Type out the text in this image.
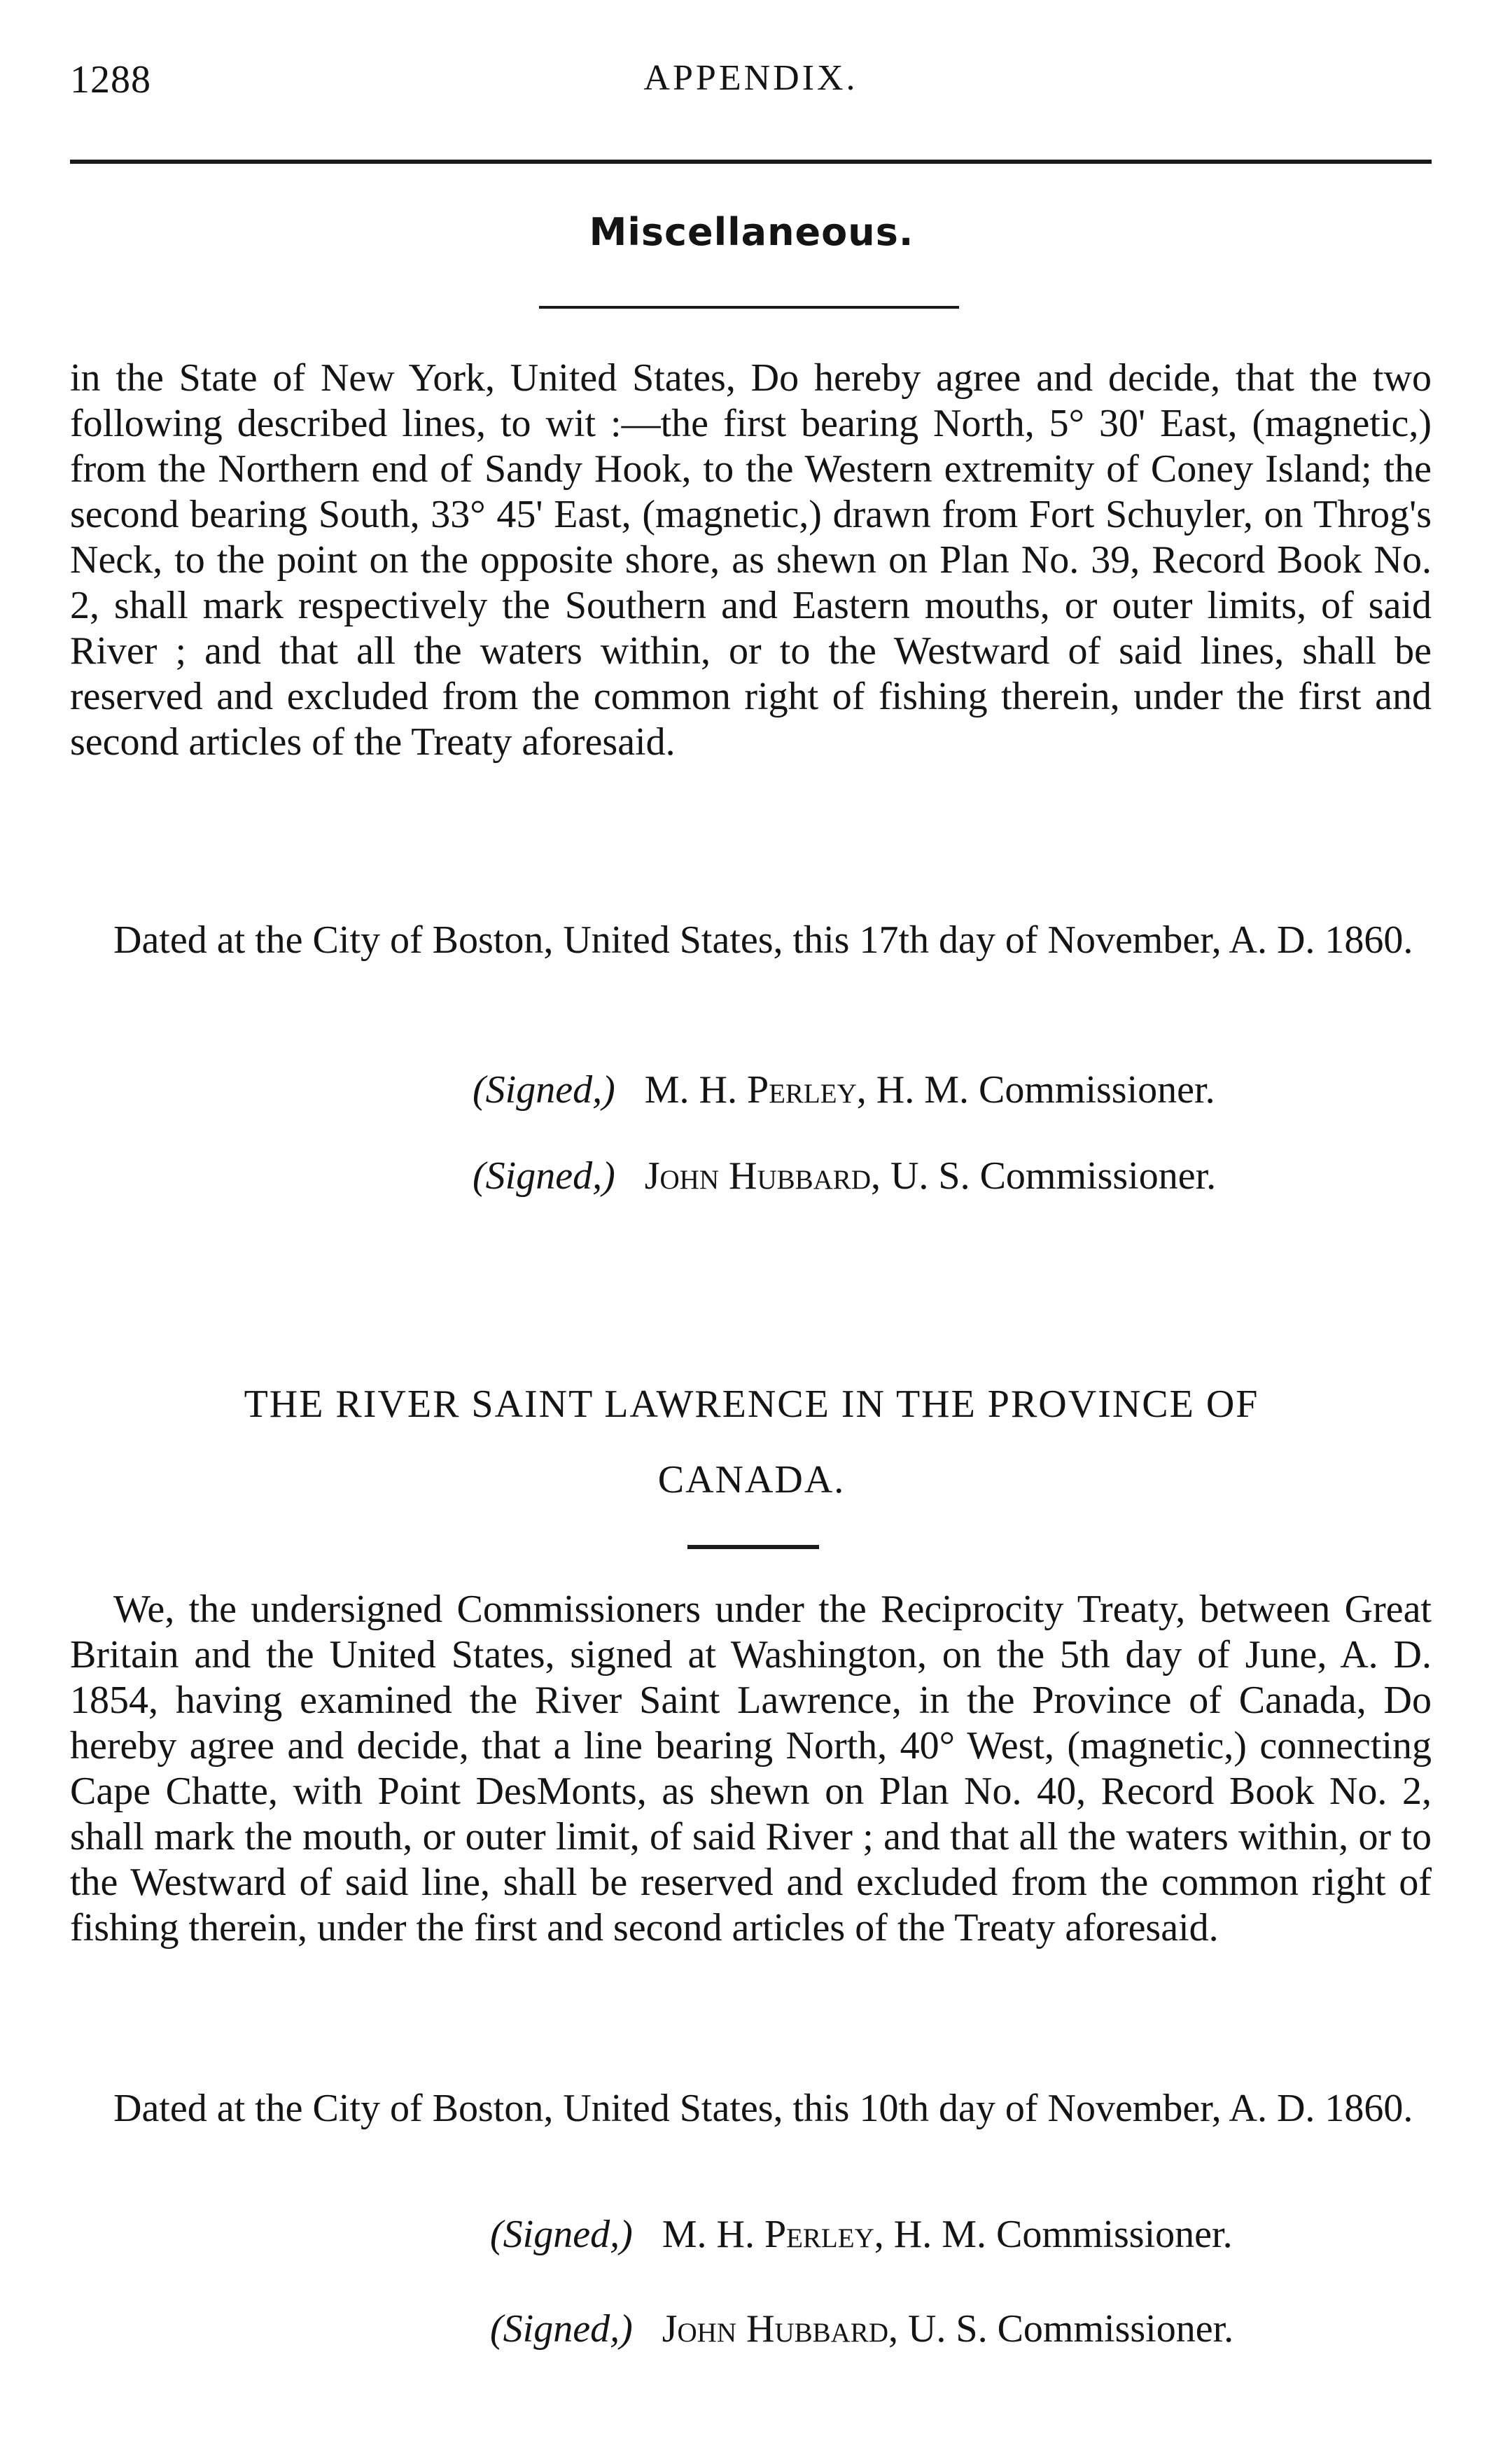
1288	APPENDIX.
Miscellaneous.

in the State of New York, United States, Do hereby agree and decide, that the two following described lines, to wit :—the first bearing North, 5° 30' East, (magnetic,) from the Northern end of Sandy Hook, to the Western extremity of Coney Island; the second bearing South, 33° 45' East, (magnetic,) drawn from Fort Schuyler, on Throg's Neck, to the point on the opposite shore, as shewn on Plan No. 39, Record Book No. 2, shall mark respectively the Southern and Eastern mouths, or outer limits, of said River ; and that all the waters within, or to the Westward of said lines, shall be reserved and excluded from the common right of fishing therein, under the first and second articles of the Treaty aforesaid.

Dated at the City of Boston, United States, this 17th day of November, A. D. 1860.

(Signed,) M. H. Perley, H. M. Commissioner.
(Signed,) John Hubbard, U. S. Commissioner.
THE RIVER SAINT LAWRENCE IN THE PROVINCE OF
CANADA.

We, the undersigned Commissioners under the Reciprocity Treaty, between Great Britain and the United States, signed at Washington, on the 5th day of June, A. D. 1854, having examined the River Saint Lawrence, in the Province of Canada, Do hereby agree and decide, that a line bearing North, 40° West, (magnetic,) connecting Cape Chatte, with Point DesMonts, as shewn on Plan No. 40, Record Book No. 2, shall mark the mouth, or outer limit, of said River ; and that all the waters within, or to the Westward of said line, shall be reserved and excluded from the common right of fishing therein, under the first and second articles of the Treaty aforesaid.

Dated at the City of Boston, United States, this 10th day of November, A. D. 1860.

(Signed,) M. H. Perley, H. M. Commissioner.
(Signed,) John Hubbard, U. S. Commissioner.
